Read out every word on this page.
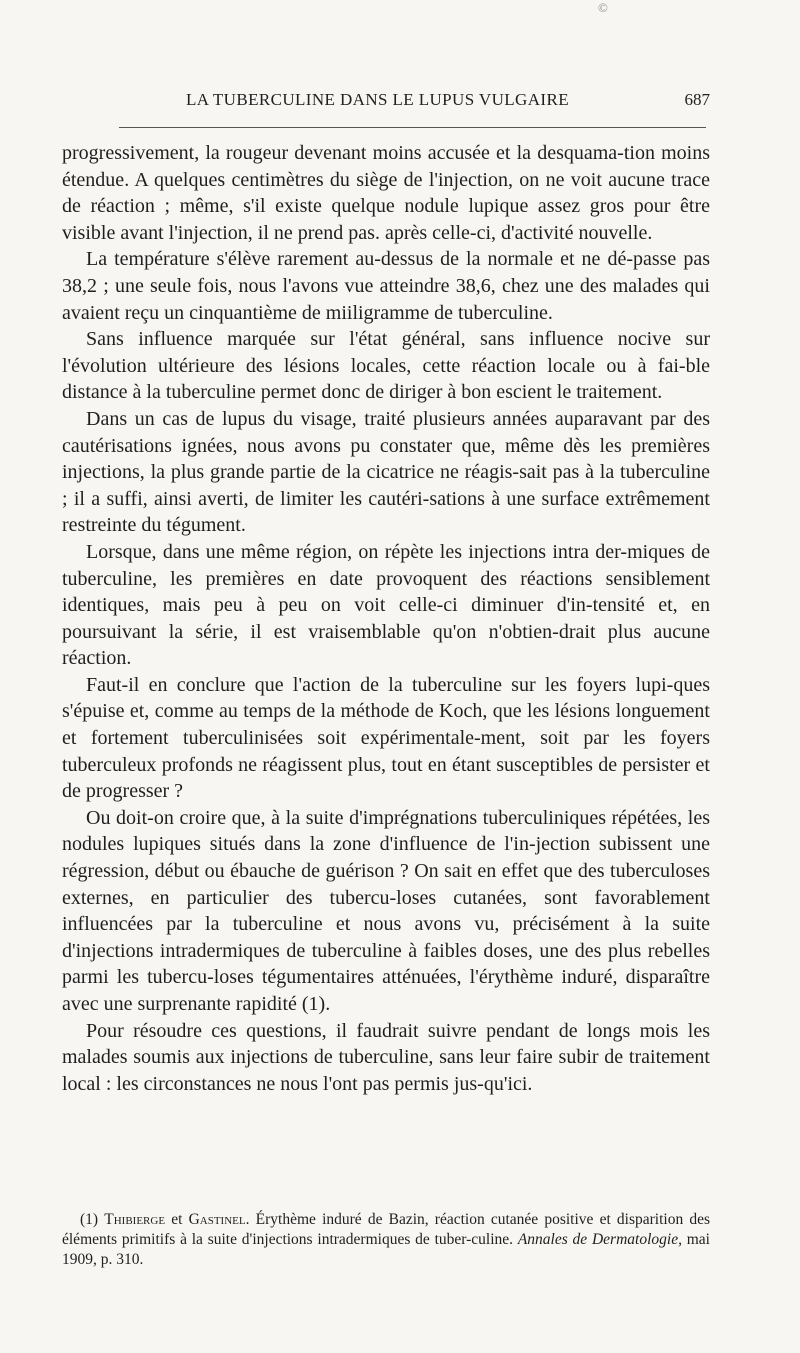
©
LA TUBERCULINE DANS LE LUPUS VULGAIRE	687

progressivement, la rougeur devenant moins accusée et la desquama-tion moins étendue. A quelques centimètres du siège de l'injection, on ne voit aucune trace de réaction ; même, s'il existe quelque nodule lupique assez gros pour être visible avant l'injection, il ne prend pas. après celle-ci, d'activité nouvelle.

La température s'élève rarement au-dessus de la normale et ne dé-passe pas 38,2 ; une seule fois, nous l'avons vue atteindre 38,6, chez une des malades qui avaient reçu un cinquantième de miiligramme de tuberculine.

Sans influence marquée sur l'état général, sans influence nocive sur l'évolution ultérieure des lésions locales, cette réaction locale ou à fai-ble distance à la tuberculine permet donc de diriger à bon escient le traitement.

Dans un cas de lupus du visage, traité plusieurs années auparavant par des cautérisations ignées, nous avons pu constater que, même dès les premières injections, la plus grande partie de la cicatrice ne réagis-sait pas à la tuberculine ; il a suffi, ainsi averti, de limiter les cautéri-sations à une surface extrêmement restreinte du tégument.

Lorsque, dans une même région, on répète les injections intra der-miques de tuberculine, les premières en date provoquent des réactions sensiblement identiques, mais peu à peu on voit celle-ci diminuer d'in-tensité et, en poursuivant la série, il est vraisemblable qu'on n'obtien-drait plus aucune réaction.

Faut-il en conclure que l'action de la tuberculine sur les foyers lupi-ques s'épuise et, comme au temps de la méthode de Koch, que les lésions longuement et fortement tuberculinisées soit expérimentale-ment, soit par les foyers tuberculeux profonds ne réagissent plus, tout en étant susceptibles de persister et de progresser ?

Ou doit-on croire que, à la suite d'imprégnations tuberculiniques répétées, les nodules lupiques situés dans la zone d'influence de l'in-jection subissent une régression, début ou ébauche de guérison ? On sait en effet que des tuberculoses externes, en particulier des tubercu-loses cutanées, sont favorablement influencées par la tuberculine et nous avons vu, précisément à la suite d'injections intradermiques de tuberculine à faibles doses, une des plus rebelles parmi les tubercu-loses tégumentaires atténuées, l'érythème induré, disparaître avec une surprenante rapidité (1).

Pour résoudre ces questions, il faudrait suivre pendant de longs mois les malades soumis aux injections de tuberculine, sans leur faire subir de traitement local : les circonstances ne nous l'ont pas permis jus-qu'ici.

(1) Thibierge et Gastinel. Érythème induré de Bazin, réaction cutanée positive et disparition des éléments primitifs à la suite d'injections intradermiques de tuber-culine. Annales de Dermatologie, mai 1909, p. 310.
